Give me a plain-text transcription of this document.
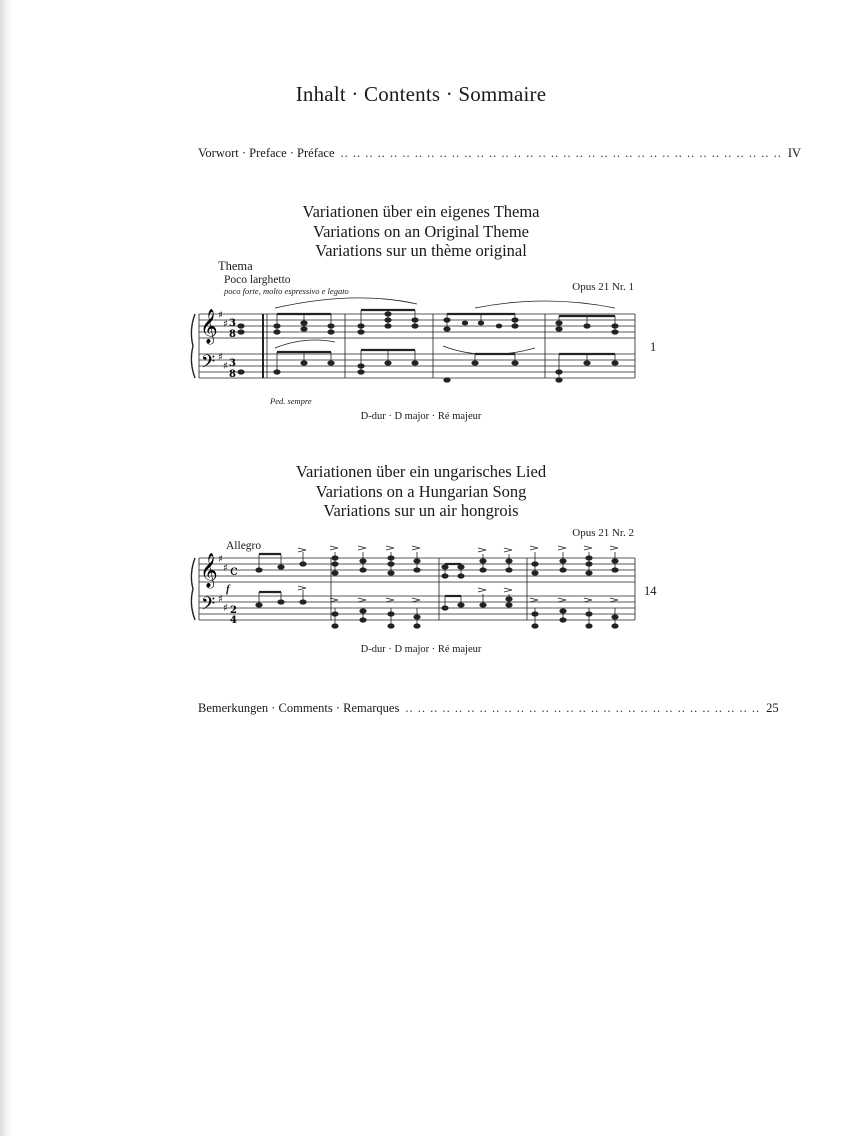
Inhalt · Contents · Sommaire
Vorwort · Preface · Préface .. .. .. .. .. .. .. .. .. .. .. .. .. .. .. .. .. .. .. .. .. .. .. .. .. .. .. .. .. .. .. .. .. .. .. .. IV
Variationen über ein eigenes Thema
Variations on an Original Theme
Variations sur un thème original
Thema
Poco larghetto
poco forte, molto espressivo e legato	Opus 21 Nr. 1
Ped. sempre
𝄞
𝄢
♯
♯
♯
♯
3
8
3
8
1
D-dur · D major · Ré majeur
Variationen über ein ungarisches Lied
Variations on a Hungarian Song
Variations sur un air hongrois
Opus 21 Nr. 2
Allegro
f
𝄞
𝄢
♯
♯
♯
♯
c
2
4
14
D-dur · D major · Ré majeur
Bemerkungen · Comments · Remarques .. .. .. .. .. .. .. .. .. .. .. .. .. .. .. .. .. .. .. .. .. .. .. .. .. .. .. .. .. 25
